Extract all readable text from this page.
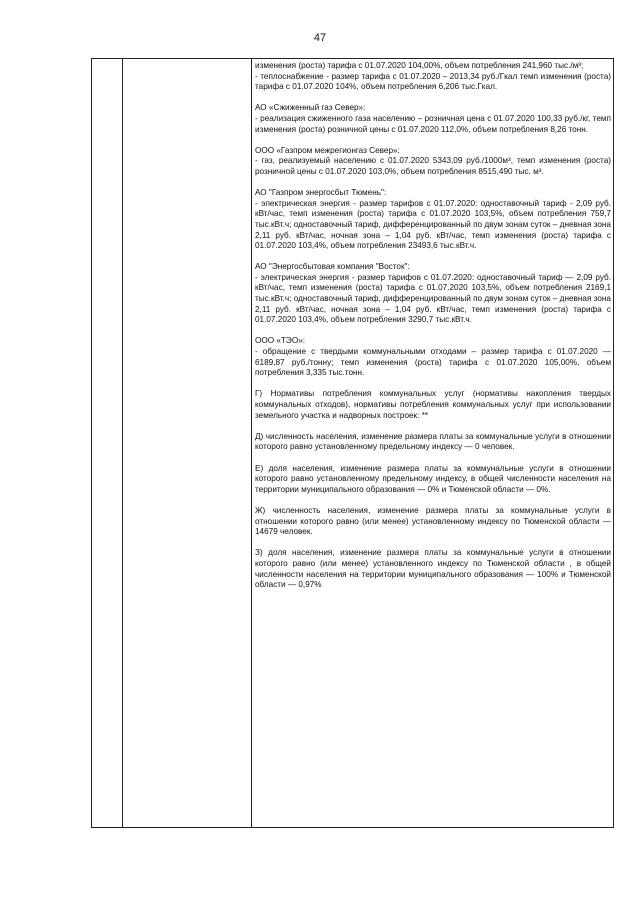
47

изменения (роста) тарифа с 01.07.2020 104,00%, объем потребления 241,960 тыс./м³;

- теплоснабжение - размер тарифа с 01.07.2020 – 2013,34 руб./Гкал темп изменения (роста) тарифа с 01.07.2020 104%, объем потребления 6,206 тыс.Гкал.

АО «Сжиженный газ Север»:

- реализация сжиженного газа населению – розничная цена с 01.07.2020 100,33 руб./кг, темп изменения (роста) розничной цены с 01.07.2020 112,0%, объем потребления 8,26 тонн.

ООО «Газпром межрегионгаз Север»:

- газ, реализуемый населению с 01.07.2020 5343,09 руб./1000м³, темп изменения (роста) розничной цены с 01.07.2020 103,0%, объем потребления 8515,490 тыс. м³.

АО "Газпром энергосбыт Тюмень":

- электрическая энергия - размер тарифов с 01.07.2020: одноставочный тариф - 2,09 руб. кВт/час, темп изменения (роста) тарифа с 01.07.2020 103,5%, объем потребления 759,7 тыс.кВт.ч; одноставочный тариф, дифференцированный по двум зонам суток – дневная зона 2,11 руб. кВт/час, ночная зона – 1,04 руб. кВт/час, темп изменения (роста) тарифа с 01.07.2020 103,4%, объем потребления 23493,6 тыс.кВт.ч.

АО "Энергосбытовая компания "Восток":

- электрическая энергия - размер тарифов с 01.07.2020: одноставочный тариф — 2,09 руб. кВт/час, темп изменения (роста) тарифа с 01.07.2020 103,5%, объем потребления 2169,1 тыс.кВт.ч; одноставочный тариф, дифференцированный по двум зонам суток – дневная зона 2,11 руб. кВт/час, ночная зона – 1,04 руб. кВт/час, темп изменения (роста) тарифа с 01.07.2020 103,4%, объем потребления 3290,7 тыс.кВт.ч.

ООО «ТЭО»:

- обращение с твердыми коммунальными отходами – размер тарифа с 01.07.2020 — 6189,87 руб./тонну; темп изменения (роста) тарифа с 01.07.2020 105,00%, объем потребления 3,335 тыс.тонн.

Г) Нормативы потребления коммунальных услуг (нормативы накопления твердых коммунальных отходов), нормативы потребления коммунальных услуг при использовании земельного участка и надворных построек: **

Д) численность населения, изменение размера платы за коммунальные услуги в отношении которого равно установленному предельному индексу — 0 человек.

Е) доля населения, изменение размера платы за коммунальные услуги в отношении которого равно установленному предельному индексу, в общей численности населения на территории муниципального образования — 0% и Тюменской области — 0%.

Ж) численность населения, изменение размера платы за коммунальные услуги в отношении которого равно (или менее) установленному индексу по Тюменской области — 14679 человек.

З) доля населения, изменение размера платы за коммунальные услуги в отношении которого равно (или менее) установленного индексу по Тюменской области , в общей численности населения на территории муниципального образования — 100% и Тюменской области — 0,97%
